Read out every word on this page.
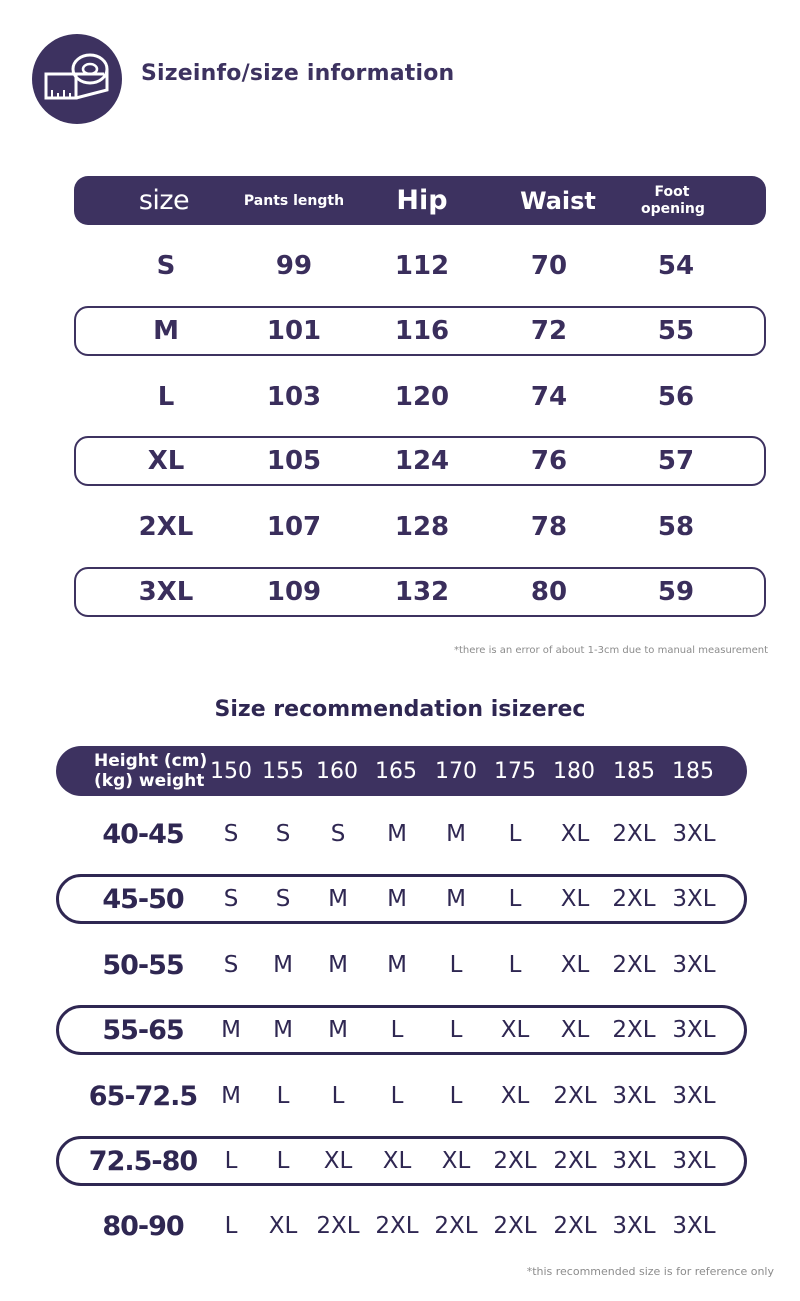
Sizeinfo/size information
size	Pants length	Hip	Waist	Foot opening
S	99	112	70	54
M	101	116	72	55
L	103	120	74	56
XL	105	124	76	57
2XL	107	128	78	58
3XL	109	132	80	59
*there is an error of about 1-3cm due to manual measurement
Size recommendation isizerec
Height (cm) (kg) weight 150 155 160 165 170 175 180 185 185
40-45	S	S	S	M	M	L	XL	2XL 3XL
45-50	S	S	M	M	M	L	XL	2XL 3XL
50-55	S	M	M	M	L	L	XL	2XL 3XL
55-65	M	M	M	L	L	XL	XL	2XL 3XL
65-72.5	M	L	L	L	L	XL	2XL 3XL 3XL
72.5-80	L	L	XL	XL	XL	2XL 2XL 3XL 3XL
80-90	L	XL 2XL 2XL 2XL 2XL 2XL 3XL 3XL
*this recommended size is for reference only
